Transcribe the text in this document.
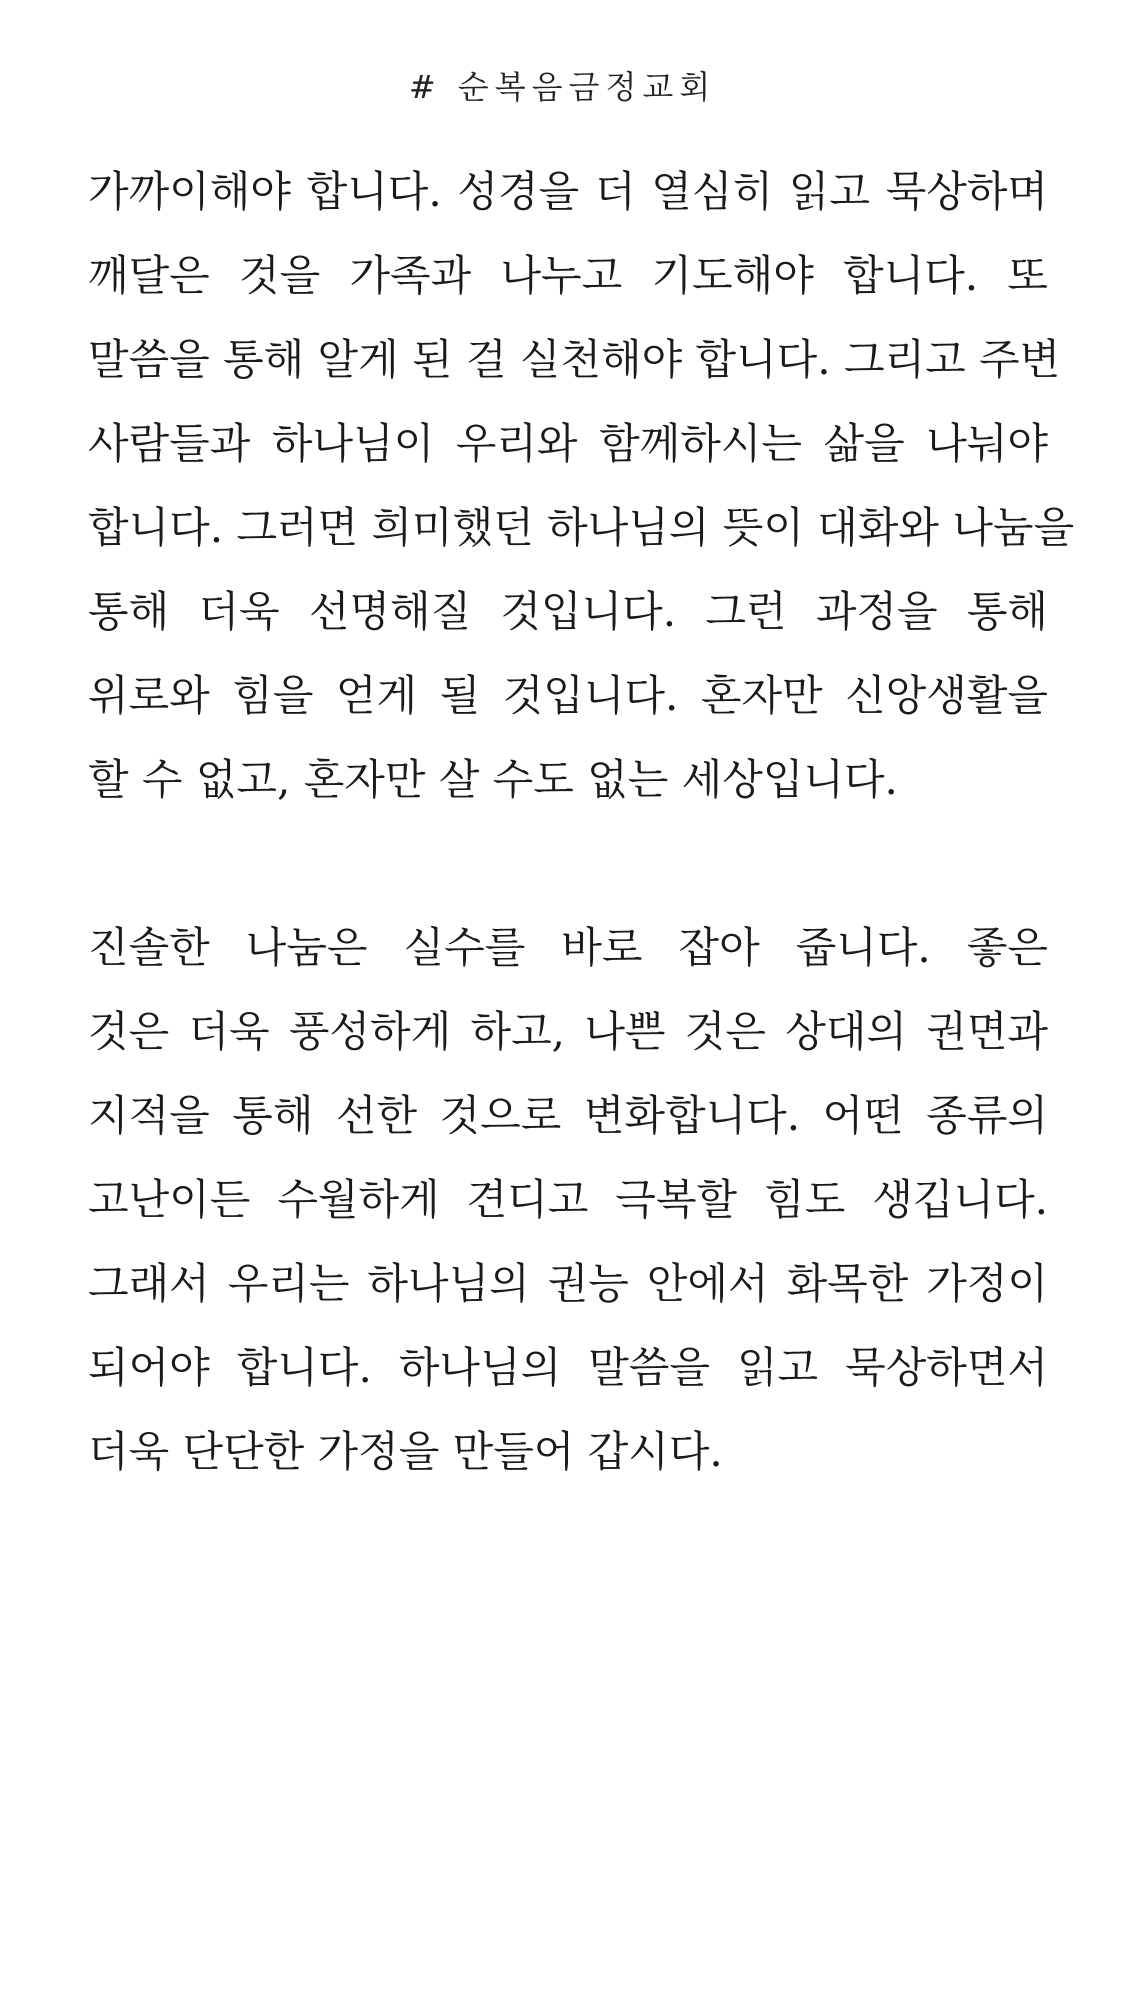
# 순복음금정교회
가까이해야 합니다. 성경을 더 열심히 읽고 묵상하며
깨달은 것을 가족과 나누고 기도해야 합니다. 또
말씀을 통해 알게 된 걸 실천해야 합니다. 그리고 주변
사람들과 하나님이 우리와 함께하시는 삶을 나눠야
합니다. 그러면 희미했던 하나님의 뜻이 대화와 나눔을
통해 더욱 선명해질 것입니다. 그런 과정을 통해
위로와 힘을 얻게 될 것입니다. 혼자만 신앙생활을
할 수 없고, 혼자만 살 수도 없는 세상입니다.
진솔한 나눔은 실수를 바로 잡아 줍니다. 좋은
것은 더욱 풍성하게 하고, 나쁜 것은 상대의 권면과
지적을 통해 선한 것으로 변화합니다. 어떤 종류의
고난이든 수월하게 견디고 극복할 힘도 생깁니다.
그래서 우리는 하나님의 권능 안에서 화목한 가정이
되어야 합니다. 하나님의 말씀을 읽고 묵상하면서
더욱 단단한 가정을 만들어 갑시다.
